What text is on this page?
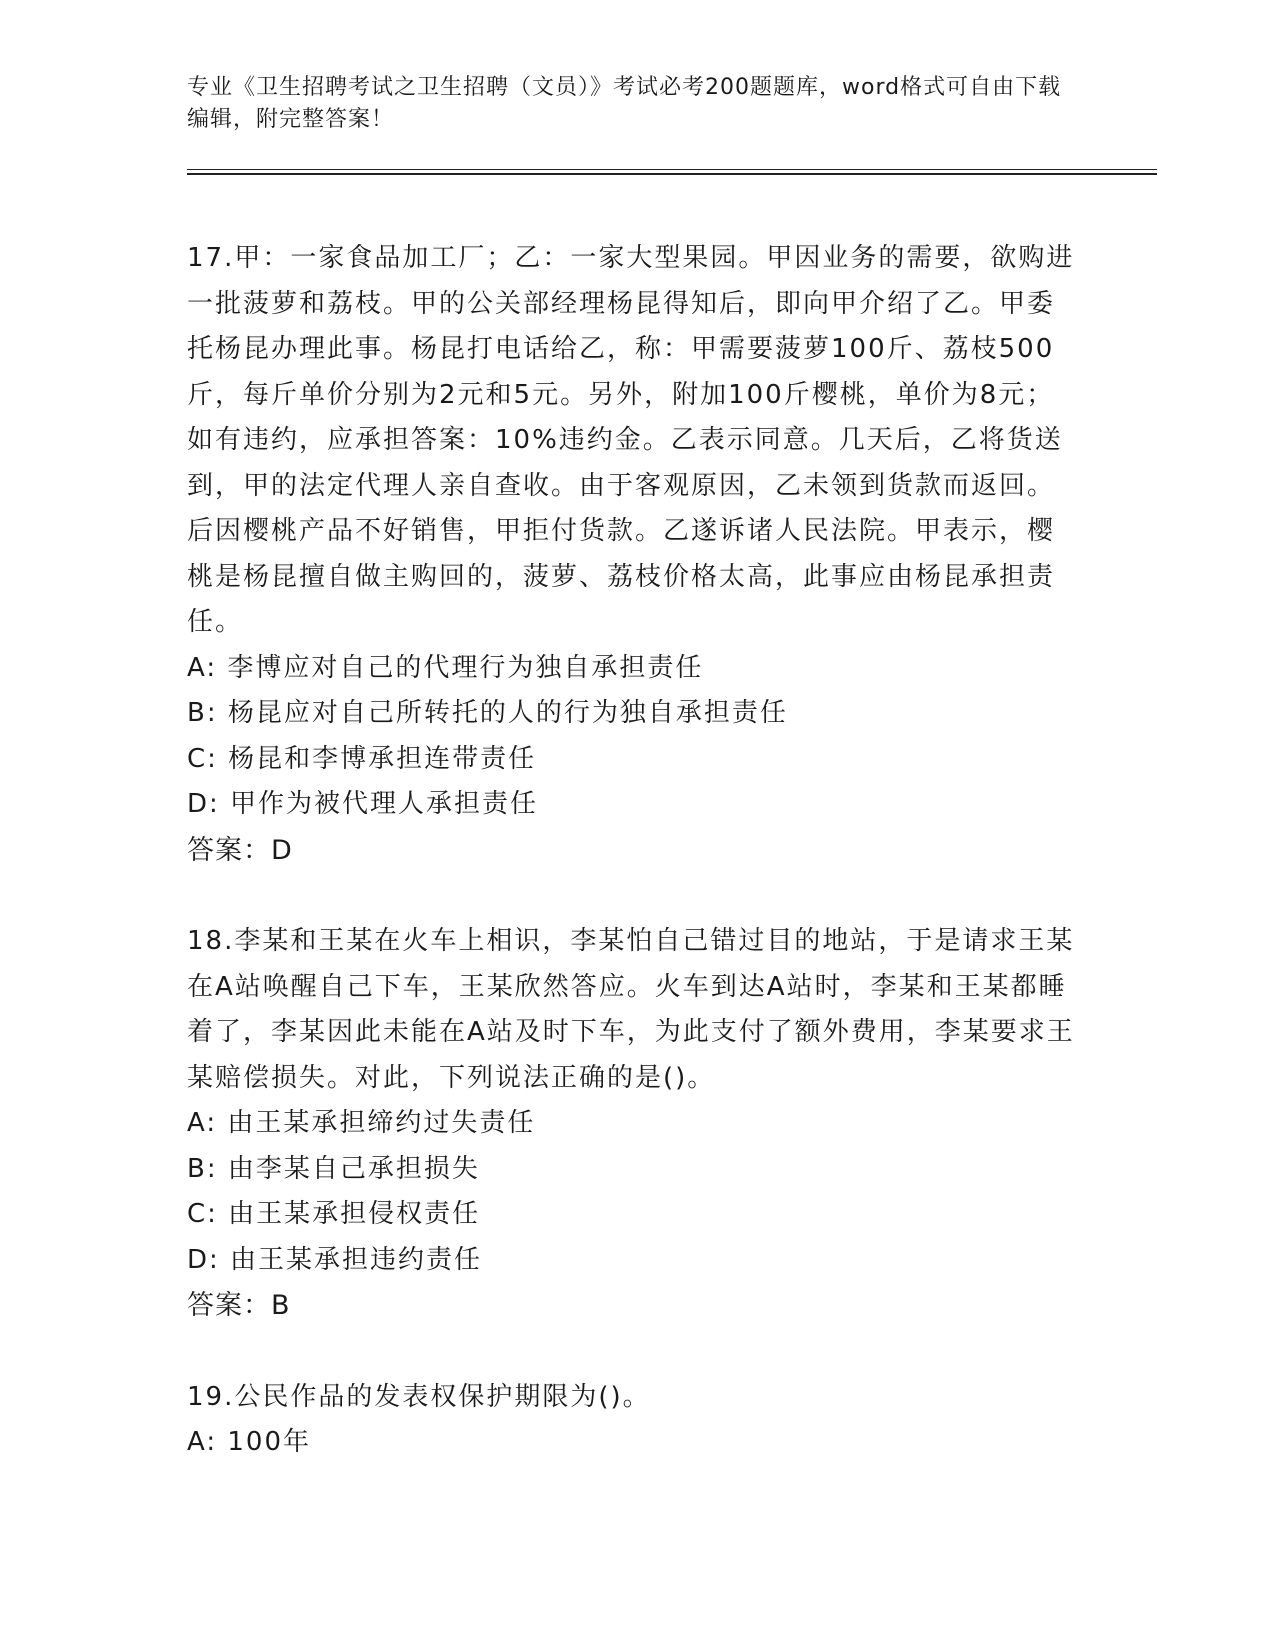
专业《卫生招聘考试之卫生招聘（文员）》考试必考200题题库，word格式可自由下载编辑，附完整答案！

17.甲：一家食品加工厂；乙：一家大型果园。甲因业务的需要，欲购进一批菠萝和荔枝。甲的公关部经理杨昆得知后，即向甲介绍了乙。甲委托杨昆办理此事。杨昆打电话给乙，称：甲需要菠萝100斤、荔枝500斤，每斤单价分别为2元和5元。另外，附加100斤樱桃，单价为8元；如有违约，应承担答案：10%违约金。乙表示同意。几天后，乙将货送到，甲的法定代理人亲自查收。由于客观原因，乙未领到货款而返回。后因樱桃产品不好销售，甲拒付货款。乙遂诉诸人民法院。甲表示，樱桃是杨昆擅自做主购回的，菠萝、荔枝价格太高，此事应由杨昆承担责任。

A: 李博应对自己的代理行为独自承担责任

B: 杨昆应对自己所转托的人的行为独自承担责任

C: 杨昆和李博承担连带责任

D: 甲作为被代理人承担责任

答案：D

18.李某和王某在火车上相识，李某怕自己错过目的地站，于是请求王某在A站唤醒自己下车，王某欣然答应。火车到达A站时，李某和王某都睡着了，李某因此未能在A站及时下车，为此支付了额外费用，李某要求王某赔偿损失。对此，下列说法正确的是()。

A: 由王某承担缔约过失责任

B: 由李某自己承担损失

C: 由王某承担侵权责任

D: 由王某承担违约责任

答案：B

19.公民作品的发表权保护期限为()。

A: 100年
